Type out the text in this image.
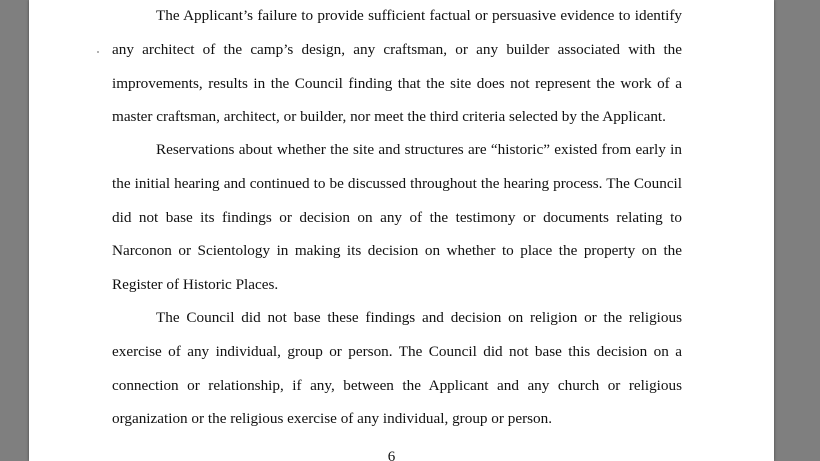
The Applicant’s failure to provide sufficient factual or persuasive evidence to identify any architect of the camp’s design, any craftsman, or any builder associated with the improvements, results in the Council finding that the site does not represent the work of a master craftsman, architect, or builder, nor meet the third criteria selected by the Applicant.

Reservations about whether the site and structures are “historic” existed from early in the initial hearing and continued to be discussed throughout the hearing process. The Council did not base its findings or decision on any of the testimony or documents relating to Narconon or Scientology in making its decision on whether to place the property on the Register of Historic Places.

The Council did not base these findings and decision on religion or the religious exercise of any individual, group or person. The Council did not base this decision on a connection or relationship, if any, between the Applicant and any church or religious organization or the religious exercise of any individual, group or person.

6
